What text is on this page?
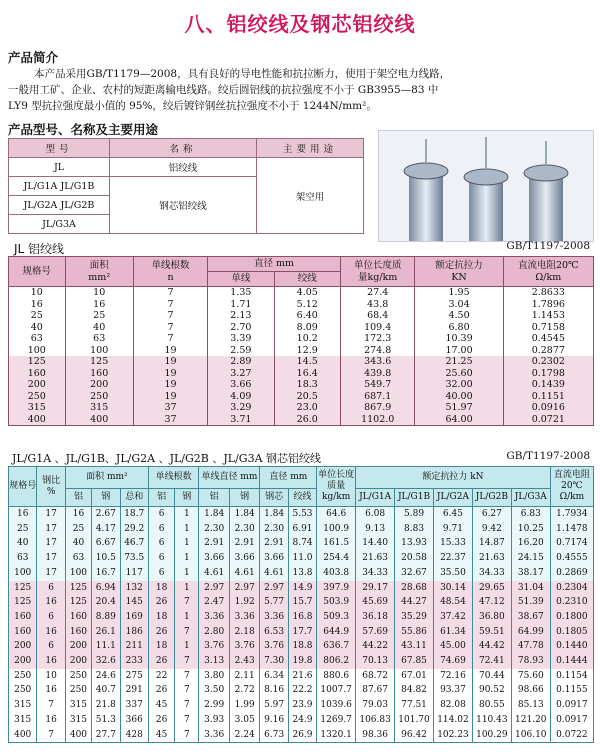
八、铝绞线及钢芯铝绞线
产品简介

本产品采用GB/T1179—2008，具有良好的导电性能和抗拉断力，使用于架空电力线路，

一般用工矿、企业、农村的短距离输电线路。绞后圆铝线的抗拉强度不小于 GB3955—83 中

LY9 型抗拉强度最小值的 95%，绞后镀锌钢丝抗拉强度不小于 1244N/mm²。

产品型号、名称及主要用途
型号	名称	主要用途
JL	铝绞线	架空用
JL/G1A JL/G1B	钢芯铝绞线	
JL/G2A JL/G2B		
JL/G3A		
JL 铝绞线	GB/T1197-2008
规格号	面积
mm²	单线根数
n	直径 mm		单位长度质
量kg/km	额定抗拉力
KN	直流电阻20℃
Ω/km
			单线	绞线			
10	10	7	1.35	4.05	27.4	1.95	2.8633
16	16	7	1.71	5.12	43.8	3.04	1.7896
25	25	7	2.13	6.40	68.4	4.50	1.1453
40	40	7	2.70	8.09	109.4	6.80	0.7158
63	63	7	3.39	10.2	172.3	10.39	0.4545
100	100	19	2.59	12.9	274.8	17.00	0.2877
125	125	19	2.89	14.5	343.6	21.25	0.2302
160	160	19	3.27	16.4	439.8	25.60	0.1798
200	200	19	3.66	18.3	549.7	32.00	0.1439
250	250	19	4.09	20.5	687.1	40.00	0.1151
315	315	37	3.29	23.0	867.9	51.97	0.0916
400	400	37	3.71	26.0	1102.0	64.00	0.0721
JL/G1A 、JL/G1B、JL/G2A 、JL/G2B 、JL/G3A 钢芯铝绞线	GB/T1197-2008
规格号	钢比 %	面积 mm²			单线根数		单线直径 mm		直径 mm		单位长度质量 kg/km	额定抗拉力 kN					直流电阻20℃ Ω/km
		铝	钢	总和	铝	钢	铝	钢	钢芯	绞线		JL/G1A	JL/G1B	JL/G2A	JL/G2B	JL/G3A	
16	17	16	2.67	18.7	6	1	1.84	1.84	1.84	5.53	64.6	6.08	5.89	6.45	6.27	6.83	1.7934
25	17	25	4.17	29.2	6	1	2.30	2.30	2.30	6.91	100.9	9.13	8.83	9.71	9.42	10.25	1.1478
40	17	40	6.67	46.7	6	1	2.91	2.91	2.91	8.74	161.5	14.40	13.93	15.33	14.87	16.20	0.7174
63	17	63	10.5	73.5	6	1	3.66	3.66	3.66	11.0	254.4	21.63	20.58	22.37	21.63	24.15	0.4555
100	17	100	16.7	117	6	1	4.61	4.61	4.61	13.8	403.8	34.33	32.67	35.50	34.33	38.17	0.2869
125	6	125	6.94	132	18	1	2.97	2.97	2.97	14.9	397.9	29.17	28.68	30.14	29.65	31.04	0.2304
125	16	125	20.4	145	26	7	2.47	1.92	5.77	15.7	503.9	45.69	44.27	48.54	47.12	51.39	0.2310
160	6	160	8.89	169	18	1	3.36	3.36	3.36	16.8	509.3	36.18	35.29	37.42	36.80	38.67	0.1800
160	16	160	26.1	186	26	7	2.80	2.18	6.53	17.7	644.9	57.69	55.86	61.34	59.51	64.99	0.1805
200	6	200	11.1	211	18	1	3.76	3.76	3.76	18.8	636.7	44.22	43.11	45.00	44.42	47.78	0.1440
200	16	200	32.6	233	26	7	3.13	2.43	7.30	19.8	806.2	70.13	67.85	74.69	72.41	78.93	0.1444
250	10	250	24.6	275	22	7	3.80	2.11	6.34	21.6	880.6	68.72	67.01	72.16	70.44	75.60	0.1154
250	16	250	40.7	291	26	7	3.50	2.72	8.16	22.2	1007.7	87.67	84.82	93.37	90.52	98.66	0.1155
315	7	315	21.8	337	45	7	2.99	1.99	5.97	23.9	1039.6	79.03	77.51	82.08	80.55	85.13	0.0917
315	16	315	51.3	366	26	7	3.93	3.05	9.16	24.9	1269.7	106.83	101.70	114.02	110.43	121.20	0.0917
400	7	400	27.7	428	45	7	3.36	2.24	6.73	26.9	1320.1	98.36	96.42	102.23	100.29	106.10	0.0722
